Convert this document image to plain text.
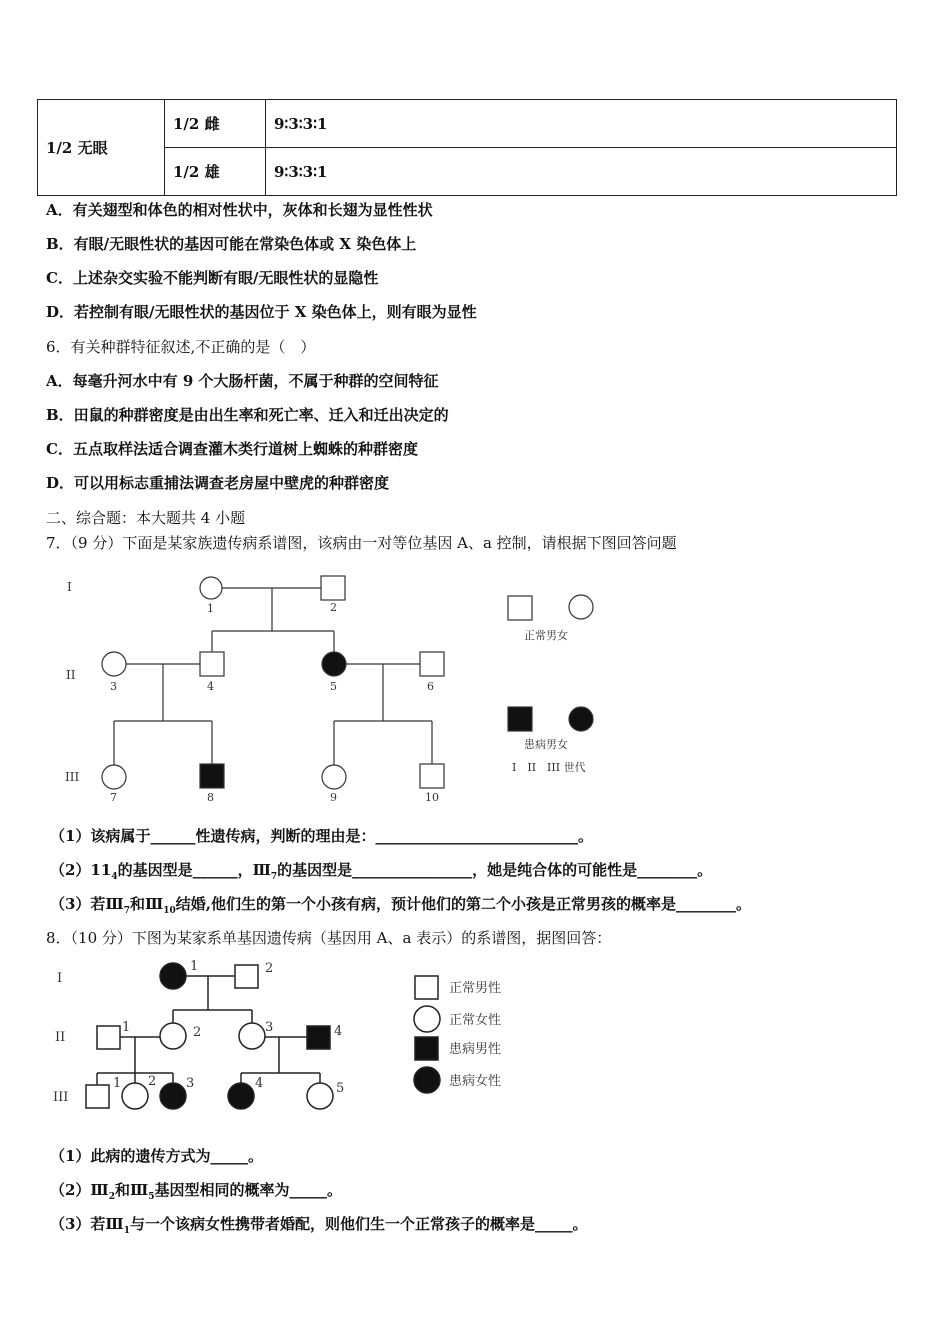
1/2 无眼	1/2 雌	9∶3∶3∶1
	1/2 雄	9∶3∶3∶1
A．有关翅型和体色的相对性状中，灰体和长翅为显性性状
B．有眼/无眼性状的基因可能在常染色体或 X 染色体上
C．上述杂交实验不能判断有眼/无眼性状的显隐性
D．若控制有眼/无眼性状的基因位于 X 染色体上，则有眼为显性
6．有关种群特征叙述,不正确的是（　）
A．每毫升河水中有 9 个大肠杆菌，不属于种群的空间特征
B．田鼠的种群密度是由出生率和死亡率、迁入和迁出决定的
C．五点取样法适合调查灌木类行道树上蜘蛛的种群密度
D．可以用标志重捕法调查老房屋中壁虎的种群密度
二、综合题：本大题共 4 小题
7．（9 分）下面是某家族遗传病系谱图，该病由一对等位基因 A、a 控制，请根据下图回答问题
I
II
III
1	2
3	4	5	6
7	8	9	10
正常男女
患病男女
I　II　III 世代
（1）该病属于______性遗传病，判断的理由是：___________________________。
$(2)11_4$的基因型是______，$Ⅲ_7$的基因型是________________，她是纯合体的可能性是________。
（3）若$Ⅲ_7$和$Ⅲ_{10}$结婚,他们生的第一个小孩有病，预计他们的第二个小孩是正常男孩的概率是________。
8．（10 分）下图为某家系单基因遗传病（基因用 A、a 表示）的系谱图，据图回答：
I
II
III
1	2
1	2	3	4
1 2 3	4	5
正常男性
正常女性
患病男性
患病女性
（1）此病的遗传方式为_____。
$(2)Ⅲ_2$和$Ⅲ_5$基因型相同的概率为_____。
（3）若$Ⅲ_1$与一个该病女性携带者婚配，则他们生一个正常孩子的概率是_____。
